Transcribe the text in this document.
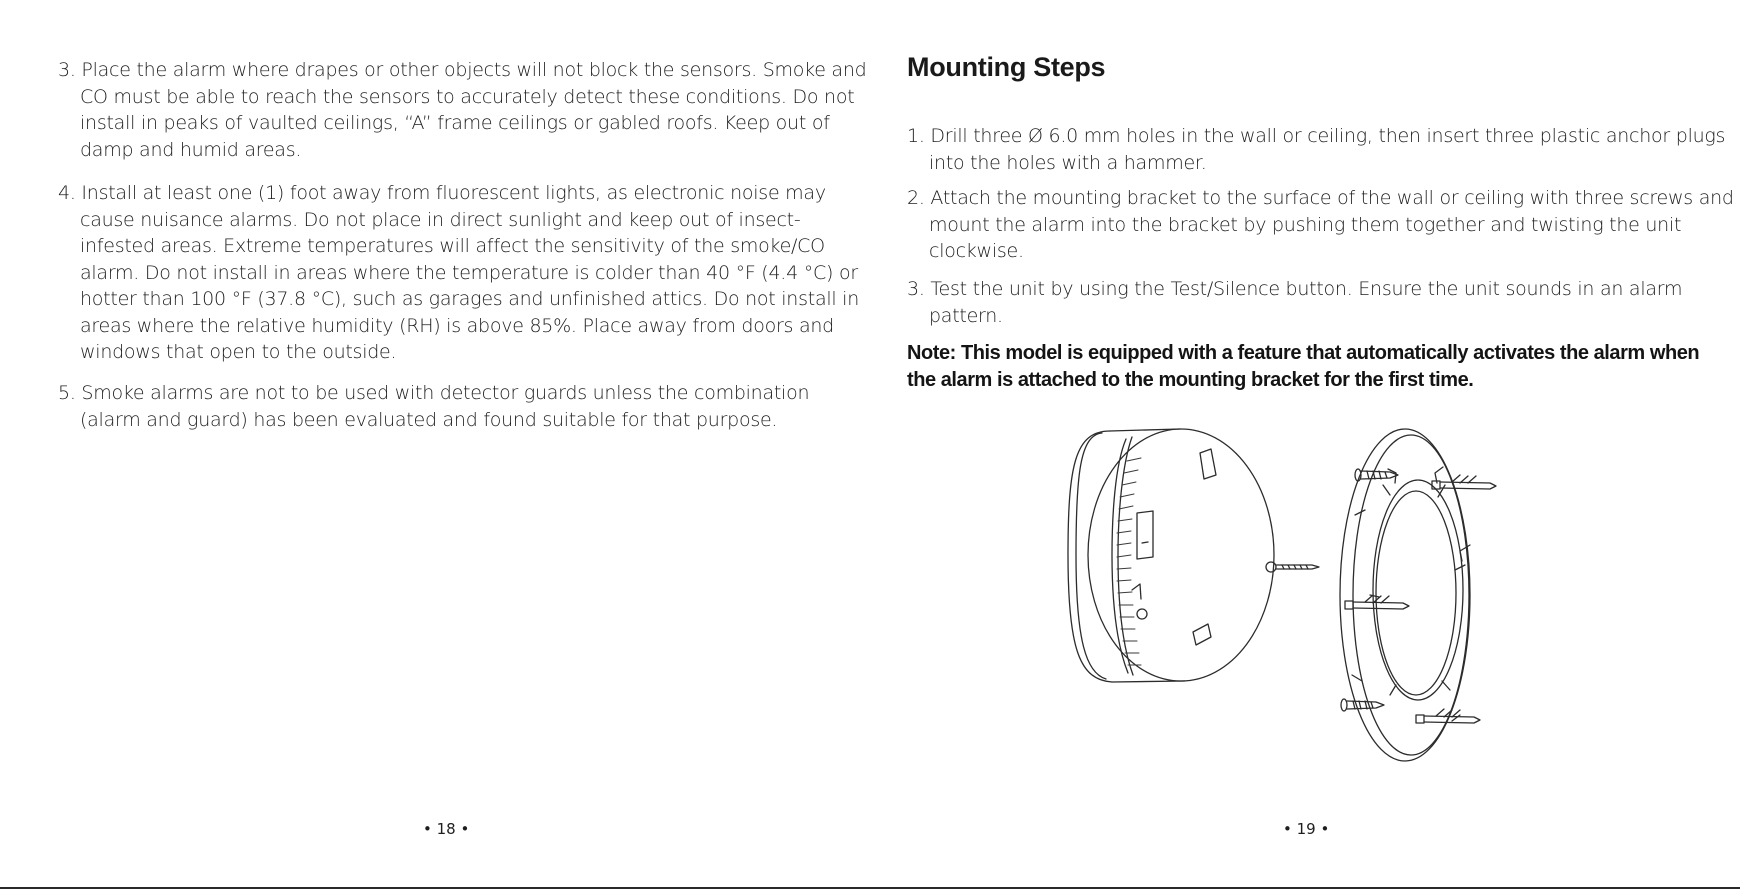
3. Place the alarm where drapes or other objects will not block the sensors. Smoke and CO must be able to reach the sensors to accurately detect these conditions. Do not install in peaks of vaulted ceilings, “A” frame ceilings or gabled roofs. Keep out of damp and humid areas.
4. Install at least one (1) foot away from fluorescent lights, as electronic noise may cause nuisance alarms. Do not place in direct sunlight and keep out of insect-infested areas. Extreme temperatures will affect the sensitivity of the smoke/CO alarm. Do not install in areas where the temperature is colder than 40 °F (4.4 °C) or hotter than 100 °F (37.8 °C), such as garages and unfinished attics. Do not install in areas where the relative humidity (RH) is above 85%. Place away from doors and windows that open to the outside.
5. Smoke alarms are not to be used with detector guards unless the combination (alarm and guard) has been evaluated and found suitable for that purpose.
• 18 •
Mounting Steps
1. Drill three Ø 6.0 mm holes in the wall or ceiling, then insert three plastic anchor plugs into the holes with a hammer.
2. Attach the mounting bracket to the surface of the wall or ceiling with three screws and mount the alarm into the bracket by pushing them together and twisting the unit clockwise.
3. Test the unit by using the Test/Silence button. Ensure the unit sounds in an alarm pattern.
Note: This model is equipped with a feature that automatically activates the alarm when the alarm is attached to the mounting bracket for the first time.
• 19 •
